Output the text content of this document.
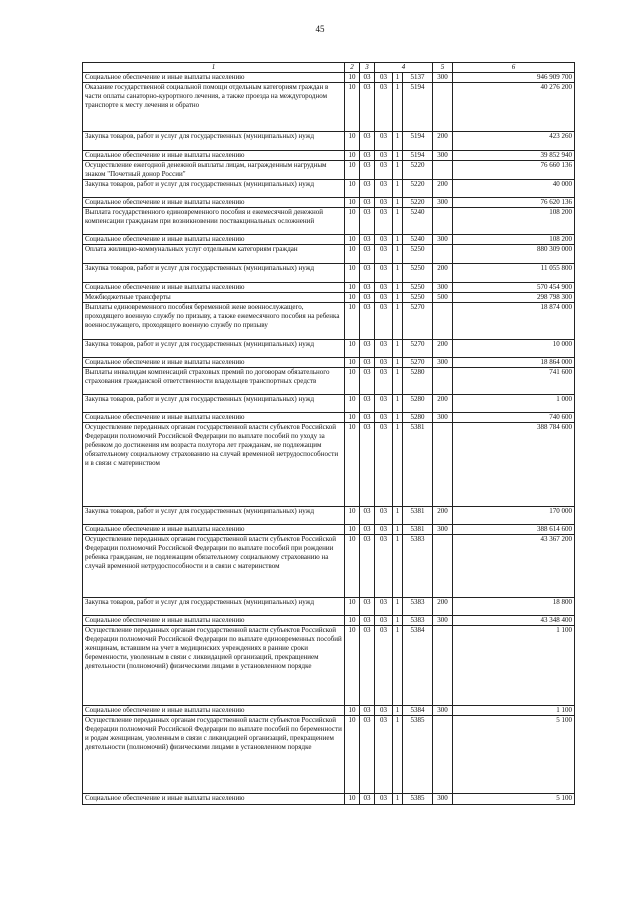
45
1	2	3	4			5	6
Социальное обеспечение и иные выплаты населению	10	03	03	1	5137	300	946 909 700
Оказание государственной социальной помощи отдельным категориям граждан в части оплаты санаторно-курортного лечения, а также проезда на междугородном транспорте к месту лечения и обратно	10	03	03	1	5194		40 276 200
Закупка товаров, работ и услуг для государственных (муниципальных) нужд	10	03	03	1	5194	200	423 260
Социальное обеспечение и иные выплаты населению	10	03	03	1	5194	300	39 852 940
Осуществление ежегодной денежной выплаты лицам, награжденным нагрудным знаком "Почетный донор России"	10	03	03	1	5220		76 660 136
Закупка товаров, работ и услуг для государственных (муниципальных) нужд	10	03	03	1	5220	200	40 000
Социальное обеспечение и иные выплаты населению	10	03	03	1	5220	300	76 620 136
Выплата государственного единовременного пособия и ежемесячной денежной компенсации гражданам при возникновении поствакцинальных осложнений	10	03	03	1	5240		108 200
Социальное обеспечение и иные выплаты населению	10	03	03	1	5240	300	108 200
Оплата жилищно-коммунальных услуг отдельным категориям граждан	10	03	03	1	5250		880 309 000
Закупка товаров, работ и услуг для государственных (муниципальных) нужд	10	03	03	1	5250	200	11 055 800
Социальное обеспечение и иные выплаты населению	10	03	03	1	5250	300	570 454 900
Межбюджетные трансферты	10	03	03	1	5250	500	298 798 300
Выплаты единовременного пособия беременной жене военнослужащего, проходящего военную службу по призыву, а также ежемесячного пособия на ребенка военнослужащего, проходящего военную службу по призыву	10	03	03	1	5270		18 874 000
Закупка товаров, работ и услуг для государственных (муниципальных) нужд	10	03	03	1	5270	200	10 000
Социальное обеспечение и иные выплаты населению	10	03	03	1	5270	300	18 864 000
Выплаты инвалидам компенсаций страховых премий по договорам обязательного страхования гражданской ответственности владельцев транспортных средств	10	03	03	1	5280		741 600
Закупка товаров, работ и услуг для государственных (муниципальных) нужд	10	03	03	1	5280	200	1 000
Социальное обеспечение и иные выплаты населению	10	03	03	1	5280	300	740 600
Осуществление переданных органам государственной власти субъектов Российской Федерации полномочий Российской Федерации по выплате пособий по уходу за ребенком до достижения им возраста полутора лет гражданам, не подлежащим обязательному социальному страхованию на случай временной нетрудоспособности и в связи с материнством	10	03	03	1	5381		388 784 600
Закупка товаров, работ и услуг для государственных (муниципальных) нужд	10	03	03	1	5381	200	170 000
Социальное обеспечение и иные выплаты населению	10	03	03	1	5381	300	388 614 600
Осуществление переданных органам государственной власти субъектов Российской Федерации полномочий Российской Федерации по выплате пособий при рождении ребенка гражданам, не подлежащим обязательному социальному страхованию на случай временной нетрудоспособности и в связи с материнством	10	03	03	1	5383		43 367 200
Закупка товаров, работ и услуг для государственных (муниципальных) нужд	10	03	03	1	5383	200	18 800
Социальное обеспечение и иные выплаты населению	10	03	03	1	5383	300	43 348 400
Осуществление переданных органам государственной власти субъектов Российской Федерации полномочий Российской Федерации по выплате единовременных пособий женщинам, вставшим на учет в медицинских учреждениях в ранние сроки беременности, уволенным в связи с ликвидацией организаций, прекращением деятельности (полномочий) физическими лицами в установленном порядке	10	03	03	1	5384		1 100
Социальное обеспечение и иные выплаты населению	10	03	03	1	5384	300	1 100
Осуществление переданных органам государственной власти субъектов Российской Федерации полномочий Российской Федерации по выплате пособий по беременности и родам женщинам, уволенным в связи с ликвидацией организаций, прекращением деятельности (полномочий) физическими лицами в установленном порядке	10	03	03	1	5385		5 100
Социальное обеспечение и иные выплаты населению	10	03	03	1	5385	300	5 100
